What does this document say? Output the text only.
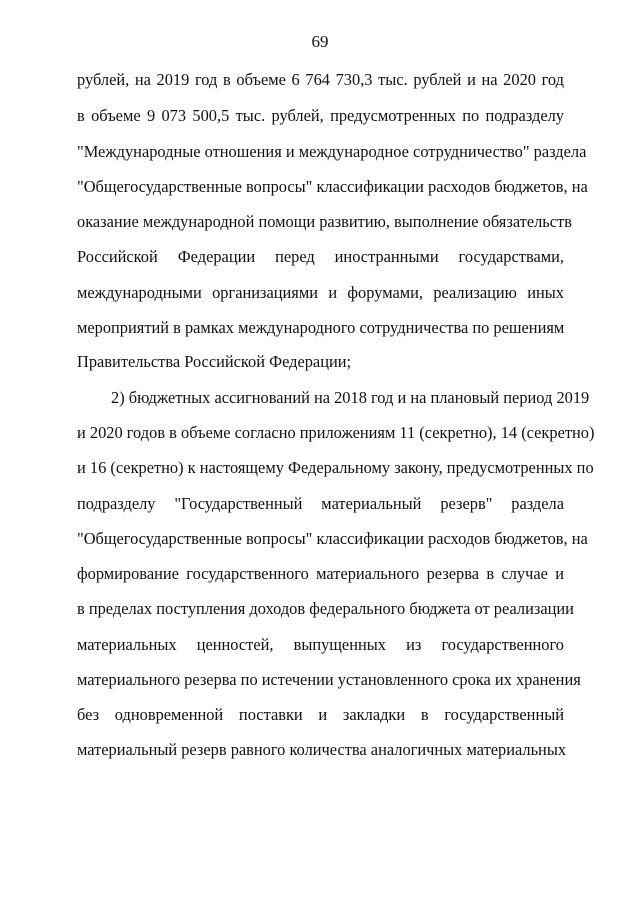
69
рублей, на 2019 год в объеме 6 764 730,3 тыс. рублей и на 2020 год
в объеме 9 073 500,5 тыс. рублей, предусмотренных по подразделу
"Международные отношения и международное сотрудничество" раздела
"Общегосударственные вопросы" классификации расходов бюджетов, на
оказание международной помощи развитию, выполнение обязательств
Российской Федерации перед иностранными государствами,
международными организациями и форумами, реализацию иных
мероприятий в рамках международного сотрудничества по решениям
Правительства Российской Федерации;
2) бюджетных ассигнований на 2018 год и на плановый период 2019
и 2020 годов в объеме согласно приложениям 11 (секретно), 14 (секретно)
и 16 (секретно) к настоящему Федеральному закону, предусмотренных по
подразделу "Государственный материальный резерв" раздела
"Общегосударственные вопросы" классификации расходов бюджетов, на
формирование государственного материального резерва в случае и
в пределах поступления доходов федерального бюджета от реализации
материальных ценностей, выпущенных из государственного
материального резерва по истечении установленного срока их хранения
без одновременной поставки и закладки в государственный
материальный резерв равного количества аналогичных материальных
